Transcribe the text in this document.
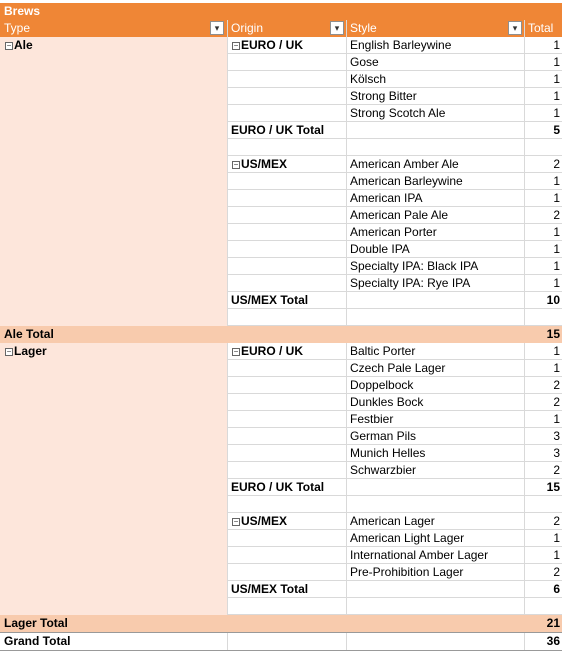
Brews
Type	▾ Origin	▾ Style	▾ Total
− Ale	− EURO / UK	English Barleywine	1
Gose	1
Kölsch	1
Strong Bitter	1
Strong Scotch Ale	1
EURO / UK Total	5
− US/MEX	American Amber Ale	2
American Barleywine	1
American IPA	1
American Pale Ale	2
American Porter	1
Double IPA	1
Specialty IPA: Black IPA	1
Specialty IPA: Rye IPA	1
US/MEX Total	10
Ale Total	15
− Lager	− EURO / UK	Baltic Porter	1
Czech Pale Lager	1
Doppelbock	2
Dunkles Bock	2
Festbier	1
German Pils	3
Munich Helles	3
Schwarzbier	2
EURO / UK Total	15
− US/MEX	American Lager	2
American Light Lager	1
International Amber Lager	1
Pre-Prohibition Lager	2
US/MEX Total	6
Lager Total	21
Grand Total	36
